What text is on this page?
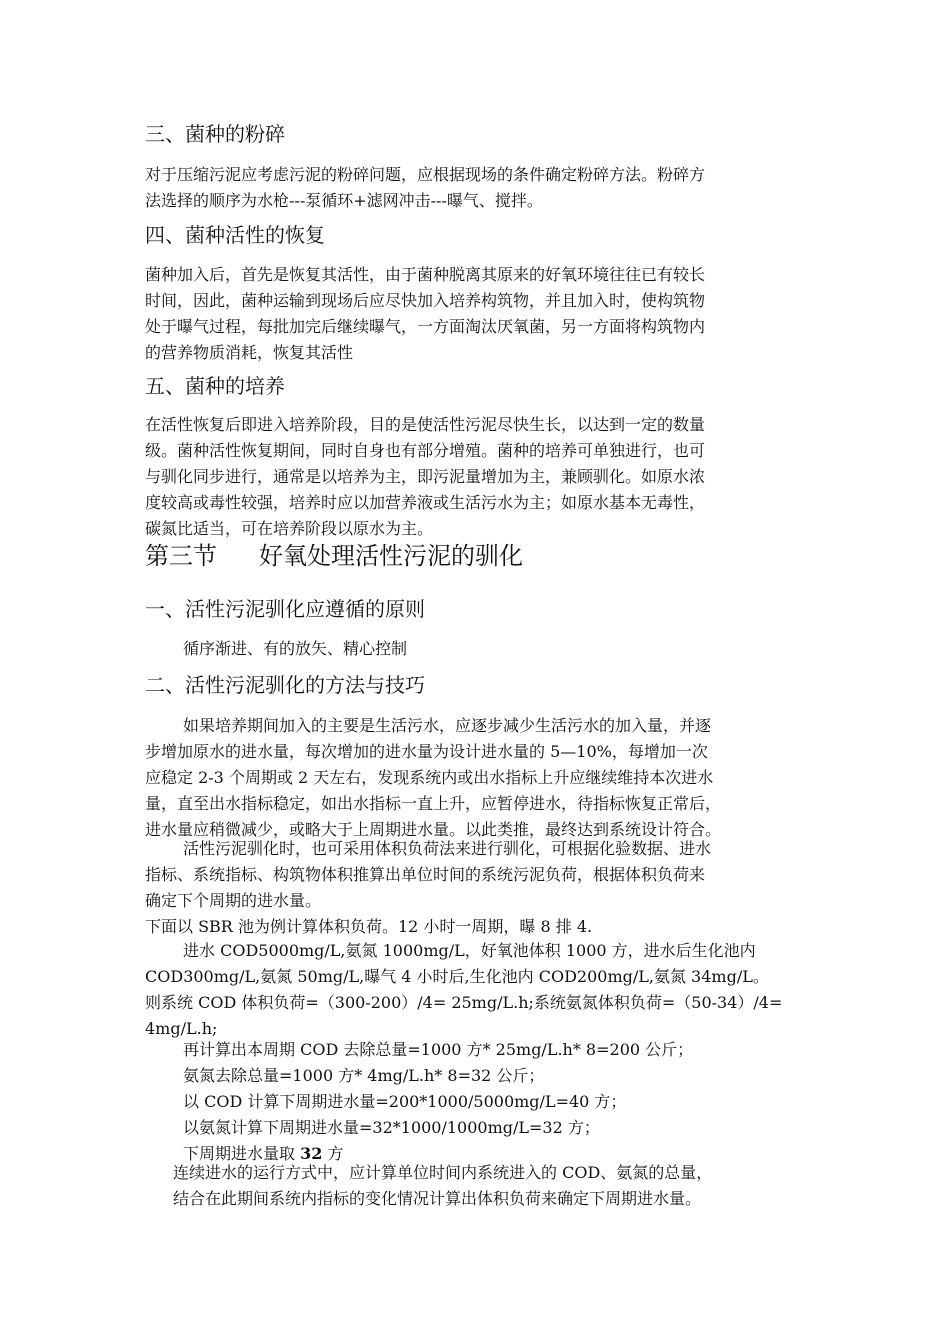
三、菌种的粉碎
对于压缩污泥应考虑污泥的粉碎问题，应根据现场的条件确定粉碎方法。粉碎方
法选择的顺序为水枪---泵循环+滤网冲击---曝气、搅拌。
四、菌种活性的恢复
菌种加入后，首先是恢复其活性，由于菌种脱离其原来的好氧环境往往已有较长
时间，因此，菌种运输到现场后应尽快加入培养构筑物，并且加入时，使构筑物
处于曝气过程，每批加完后继续曝气，一方面淘汰厌氧菌，另一方面将构筑物内
的营养物质消耗，恢复其活性
五、菌种的培养
在活性恢复后即进入培养阶段，目的是使活性污泥尽快生长，以达到一定的数量
级。菌种活性恢复期间，同时自身也有部分增殖。菌种的培养可单独进行，也可
与驯化同步进行，通常是以培养为主，即污泥量增加为主，兼顾驯化。如原水浓
度较高或毒性较强，培养时应以加营养液或生活污水为主；如原水基本无毒性，
碳氮比适当，可在培养阶段以原水为主。
第三节 好氧处理活性污泥的驯化
一、活性污泥驯化应遵循的原则
循序渐进、有的放矢、精心控制
二、活性污泥驯化的方法与技巧
如果培养期间加入的主要是生活污水，应逐步减少生活污水的加入量，并逐
步增加原水的进水量，每次增加的进水量为设计进水量的 5—10%，每增加一次
应稳定 2-3 个周期或 2 天左右，发现系统内或出水指标上升应继续维持本次进水
量，直至出水指标稳定，如出水指标一直上升，应暂停进水，待指标恢复正常后，
进水量应稍微减少，或略大于上周期进水量。以此类推，最终达到系统设计符合。
活性污泥驯化时，也可采用体积负荷法来进行驯化，可根据化验数据、进水
指标、系统指标、构筑物体积推算出单位时间的系统污泥负荷，根据体积负荷来
确定下个周期的进水量。
下面以 SBR 池为例计算体积负荷。12 小时一周期，曝 8 排 4.
进水 COD5000mg/L,氨氮 1000mg/L，好氧池体积 1000 方，进水后生化池内
COD300mg/L,氨氮 50mg/L,曝气 4 小时后,生化池内 COD200mg/L,氨氮 34mg/L。
则系统 COD 体积负荷=（300-200）/4= 25mg/L.h;系统氨氮体积负荷=（50-34）/4=
4mg/L.h;
再计算出本周期 COD 去除总量=1000 方* 25mg/L.h* 8=200 公斤；
氨氮去除总量=1000 方* 4mg/L.h* 8=32 公斤；
以 COD 计算下周期进水量=200*1000/5000mg/L=40 方；
以氨氮计算下周期进水量=32*1000/1000mg/L=32 方；
下周期进水量取 32 方
连续进水的运行方式中，应计算单位时间内系统进入的 COD、氨氮的总量，
结合在此期间系统内指标的变化情况计算出体积负荷来确定下周期进水量。
